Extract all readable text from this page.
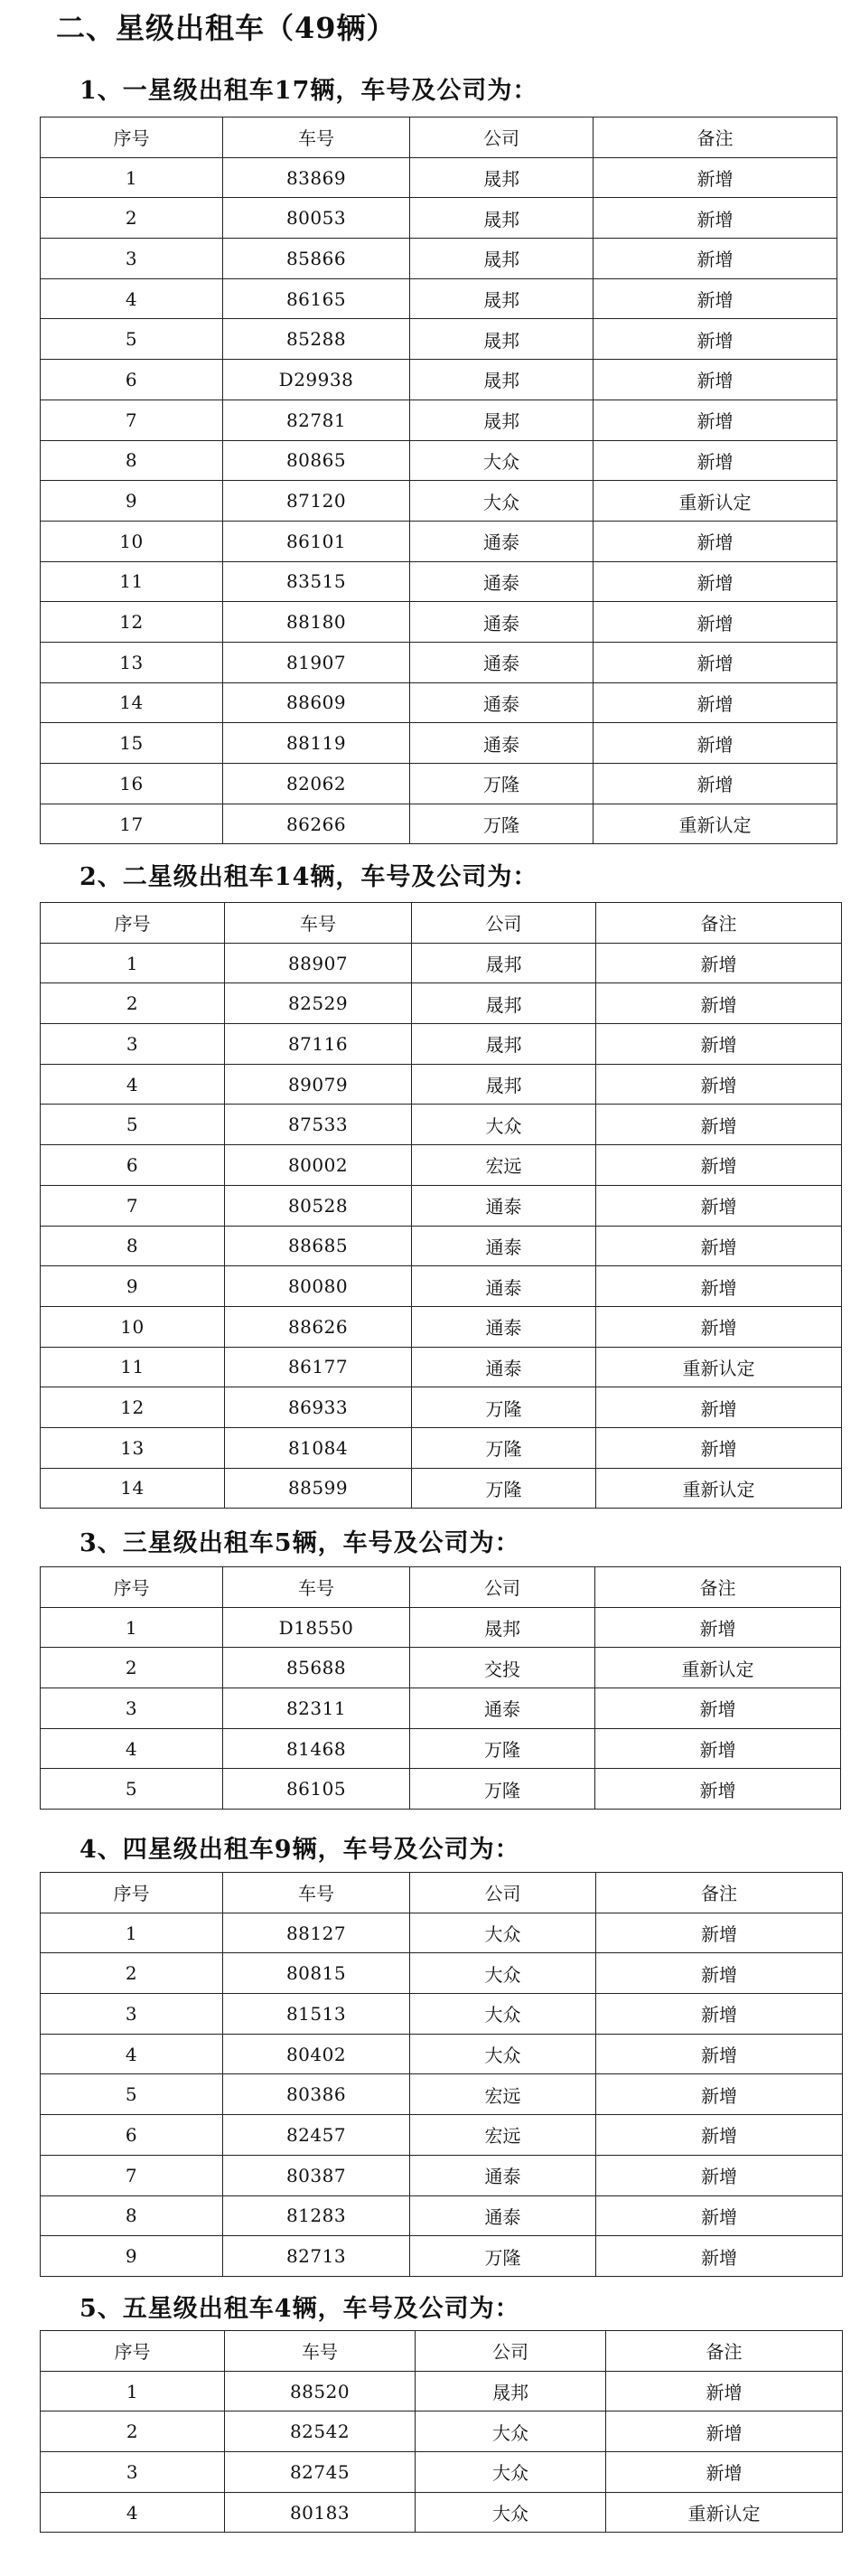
二、星级出租车（49辆）
1、一星级出租车17辆，车号及公司为：
序号	车号	公司	备注
1	83869	晟邦	新增
2	80053	晟邦	新增
3	85866	晟邦	新增
4	86165	晟邦	新增
5	85288	晟邦	新增
6	D29938	晟邦	新增
7	82781	晟邦	新增
8	80865	大众	新增
9	87120	大众	重新认定
10	86101	通泰	新增
11	83515	通泰	新增
12	88180	通泰	新增
13	81907	通泰	新增
14	88609	通泰	新增
15	88119	通泰	新增
16	82062	万隆	新增
17	86266	万隆	重新认定
2、二星级出租车14辆，车号及公司为：
序号	车号	公司	备注
1	88907	晟邦	新增
2	82529	晟邦	新增
3	87116	晟邦	新增
4	89079	晟邦	新增
5	87533	大众	新增
6	80002	宏远	新增
7	80528	通泰	新增
8	88685	通泰	新增
9	80080	通泰	新增
10	88626	通泰	新增
11	86177	通泰	重新认定
12	86933	万隆	新增
13	81084	万隆	新增
14	88599	万隆	重新认定
3、三星级出租车5辆，车号及公司为：
序号	车号	公司	备注
1	D18550	晟邦	新增
2	85688	交投	重新认定
3	82311	通泰	新增
4	81468	万隆	新增
5	86105	万隆	新增
4、四星级出租车9辆，车号及公司为：
序号	车号	公司	备注
1	88127	大众	新增
2	80815	大众	新增
3	81513	大众	新增
4	80402	大众	新增
5	80386	宏远	新增
6	82457	宏远	新增
7	80387	通泰	新增
8	81283	通泰	新增
9	82713	万隆	新增
5、五星级出租车4辆，车号及公司为：
序号	车号	公司	备注
1	88520	晟邦	新增
2	82542	大众	新增
3	82745	大众	新增
4	80183	大众	重新认定
